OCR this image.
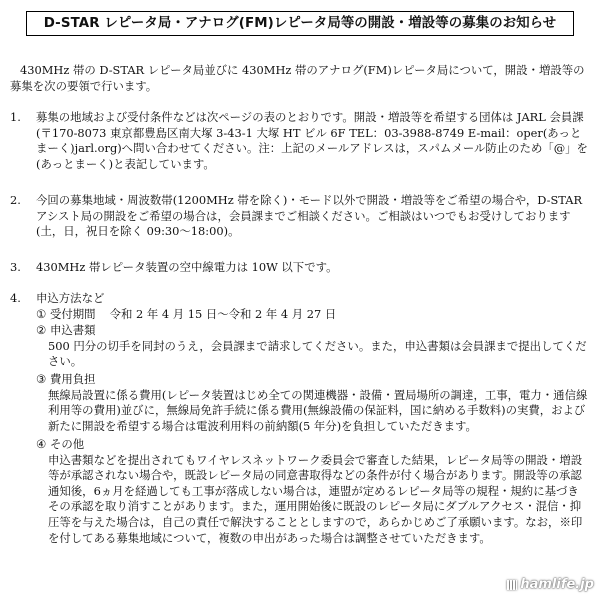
D-STAR レピータ局・アナログ(FM)レピータ局等の開設・増設等の募集のお知らせ
430MHz 帯の D-STAR レピータ局並びに 430MHz 帯のアナログ(FM)レピータ局について，開設・増設等の募集を次の要領で行います。
1.	募集の地域および受付条件などは次ページの表のとおりです。開設・増設等を希望する団体は JARL 会員課(〒170-8073 東京都豊島区南大塚 3-43-1 大塚 HT ビル 6F TEL：03-3988-8749 E-mail：oper(あっとまーく)jarl.org)へ問い合わせてください。注：上記のメールアドレスは，スパムメール防止のため「@」を(あっとまーく)と表記しています。
2.	今回の募集地域・周波数帯(1200MHz 帯を除く)・モード以外で開設・増設等をご希望の場合や，D-STAR アシスト局の開設をご希望の場合は，会員課までご相談ください。ご相談はいつでもお受けしております(土，日，祝日を除く 09:30～18:00)。
3.	430MHz 帯レピータ装置の空中線電力は 10W 以下です。
4.	申込方法など
① 受付期間 令和 2 年 4 月 15 日～令和 2 年 4 月 27 日
② 申込書類
500 円分の切手を同封のうえ，会員課まで請求してください。また，申込書類は会員課まで提出してください。
③ 費用負担
無線局設置に係る費用(レピータ装置はじめ全ての関連機器・設備・置局場所の調達，工事，電力・通信線利用等の費用)並びに，無線局免許手続に係る費用(無線設備の保証料，国に納める手数料)の実費，および新たに開設を希望する場合は電波利用料の前納額(5 年分)を負担していただきます。
④ その他
申込書類などを提出されてもワイヤレスネットワーク委員会で審査した結果，レピータ局等の開設・増設等が承認されない場合や，既設レピータ局の同意書取得などの条件が付く場合があります。開設等の承認通知後，6ヵ月を経過しても工事が落成しない場合は，連盟が定めるレピータ局等の規程・規約に基づきその承認を取り消すことがあります。また，運用開始後に既設のレピータ局にダブルアクセス・混信・抑圧等を与えた場合は，自己の責任で解決することとしますので，あらかじめご了承願います。なお，※印を付してある募集地域について，複数の申出があった場合は調整させていただきます。
hamlife.jp
